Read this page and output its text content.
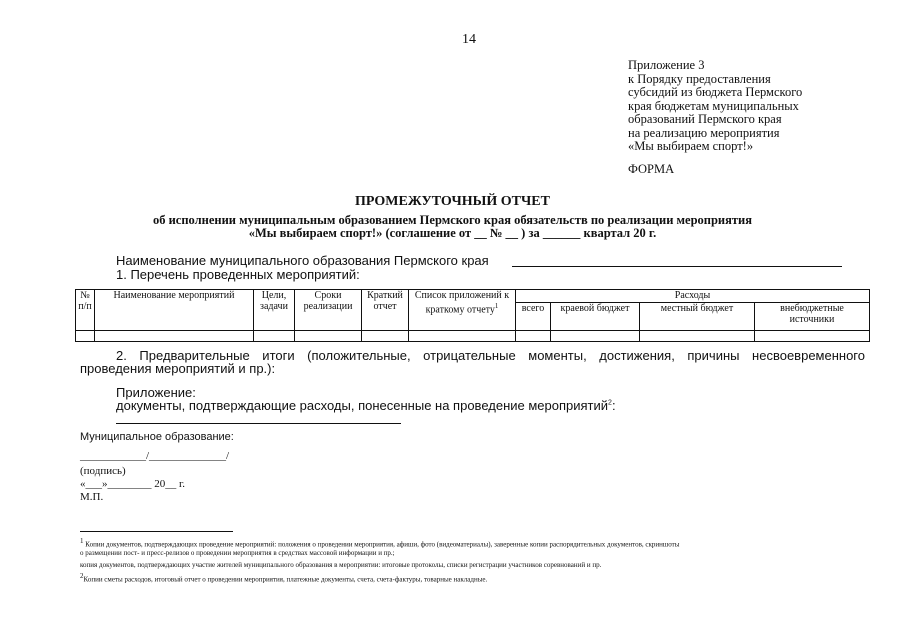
14
Приложение 3
к Порядку предоставления
субсидий из бюджета Пермского
края бюджетам муниципальных
образований Пермского края
на реализацию мероприятия
«Мы выбираем спорт!»
ФОРМА
ПРОМЕЖУТОЧНЫЙ ОТЧЕТ
об исполнении муниципальным образованием Пермского края обязательств по реализации мероприятия
«Мы выбираем спорт!» (соглашение от __ № __ ) за ______ квартал 20 г.
Наименование муниципального образования Пермского края
1. Перечень проведенных мероприятий:
№ п/п	Наименование мероприятий	Цели, задачи	Сроки реализации	Краткий отчет	Список приложений к краткому отчету$^1$	Расходы			
						всего	краевой бюджет	местный бюджет	внебюджетные источники

2. Предварительные итоги (положительные, отрицательные моменты, достижения, причины несвоевременного проведения мероприятий и пр.):
Приложение:
документы, подтверждающие расходы, понесенные на проведение мероприятий$^2$:
Муниципальное образование:
____________/______________/
(подпись)
«___»________ 20__ г.
М.П.
$^1$ Копии документов, подтверждающих проведение мероприятий: положения о проведении мероприятия, афиши, фото (видеоматериалы), заверенные копии распорядительных документов, скриншоты
о размещении пост- и пресс-релизов о проведении мероприятия в средствах массовой информации и пр.;
копия документов, подтверждающих участие жителей муниципального образования в мероприятии: итоговые протоколы, списки регистрации участников соревнований и пр.
$^2$Копии сметы расходов, итоговый отчет о проведении мероприятия, платежные документы, счета, счета-фактуры, товарные накладные.
